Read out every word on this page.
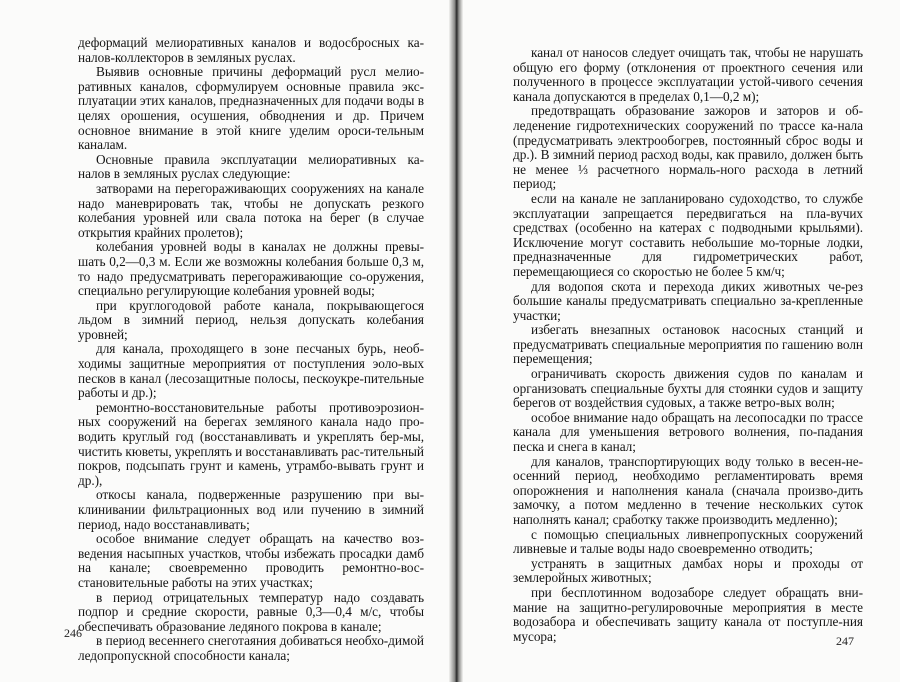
деформаций мелиоративных каналов и водосбросных ка-налов-коллекторов в земляных руслах.

Выявив основные причины деформаций русл мелио-ративных каналов, сформулируем основные правила экс-плуатации этих каналов, предназначенных для подачи воды в целях орошения, осушения, обводнения и др. Причем основное внимание в этой книге уделим ороси-тельным каналам.

Основные правила эксплуатации мелиоративных ка-налов в земляных руслах следующие:

затворами на перегораживающих сооружениях на канале надо маневрировать так, чтобы не допускать резкого колебания уровней или свала потока на берег (в случае открытия крайних пролетов);

колебания уровней воды в каналах не должны превы-шать 0,2—0,3 м. Если же возможны колебания больше 0,3 м, то надо предусматривать перегораживающие со-оружения, специально регулирующие колебания уровней воды;

при круглогодовой работе канала, покрывающегося льдом в зимний период, нельзя допускать колебания уровней;

для канала, проходящего в зоне песчаных бурь, необ-ходимы защитные мероприятия от поступления эоло-вых песков в канал (лесозащитные полосы, пескоукре-пительные работы и др.);

ремонтно-восстановительные работы противоэрозион-ных сооружений на берегах земляного канала надо про-водить круглый год (восстанавливать и укреплять бер-мы, чистить кюветы, укреплять и восстанавливать рас-тительный покров, подсыпать грунт и камень, утрамбо-вывать грунт и др.),

откосы канала, подверженные разрушению при вы-клинивании фильтрационных вод или пучению в зимний период, надо восстанавливать;

особое внимание следует обращать на качество воз-ведения насыпных участков, чтобы избежать просадки дамб на канале; своевременно проводить ремонтно-вос-становительные работы на этих участках;

в период отрицательных температур надо создавать подпор и средние скорости, равные 0,3—0,4 м/с, чтобы обеспечивать образование ледяного покрова в канале;

в период весеннего снеготаяния добиваться необхо-димой ледопропускной способности канала;

246

канал от наносов следует очищать так, чтобы не нарушать общую его форму (отклонения от проектного сечения или полученного в процессе эксплуатации устой-чивого сечения канала допускаются в пределах 0,1—0,2 м);

предотвращать образование зажоров и заторов и об-леденение гидротехнических сооружений по трассе ка-нала (предусматривать электрообогрев, постоянный сброс воды и др.). В зимний период расход воды, как правило, должен быть не менее ⅓ расчетного нормаль-ного расхода в летний период;

если на канале не запланировано судоходство, то службе эксплуатации запрещается передвигаться на пла-вучих средствах (особенно на катерах с подводными крыльями). Исключение могут составить небольшие мо-торные лодки, предназначенные для гидрометрических работ, перемещающиеся со скоростью не более 5 км/ч;

для водопоя скота и перехода диких животных че-рез большие каналы предусматривать специально за-крепленные участки;

избегать внезапных остановок насосных станций и предусматривать специальные мероприятия по гашению волн перемещения;

ограничивать скорость движения судов по каналам и организовать специальные бухты для стоянки судов и защиту берегов от воздействия судовых, а также ветро-вых волн;

особое внимание надо обращать на лесопосадки по трассе канала для уменьшения ветрового волнения, по-падания песка и снега в канал;

для каналов, транспортирующих воду только в весен-не-осенний период, необходимо регламентировать время опорожнения и наполнения канала (сначала произво-дить замочку, а потом медленно в течение нескольких суток наполнять канал; сработку также производить медленно);

с помощью специальных ливнепропускных сооружений ливневые и талые воды надо своевременно отводить;

устранять в защитных дамбах норы и проходы от землеройных животных;

при бесплотинном водозаборе следует обращать вни-мание на защитно-регулировочные мероприятия в месте водозабора и обеспечивать защиту канала от поступле-ния мусора;	247
